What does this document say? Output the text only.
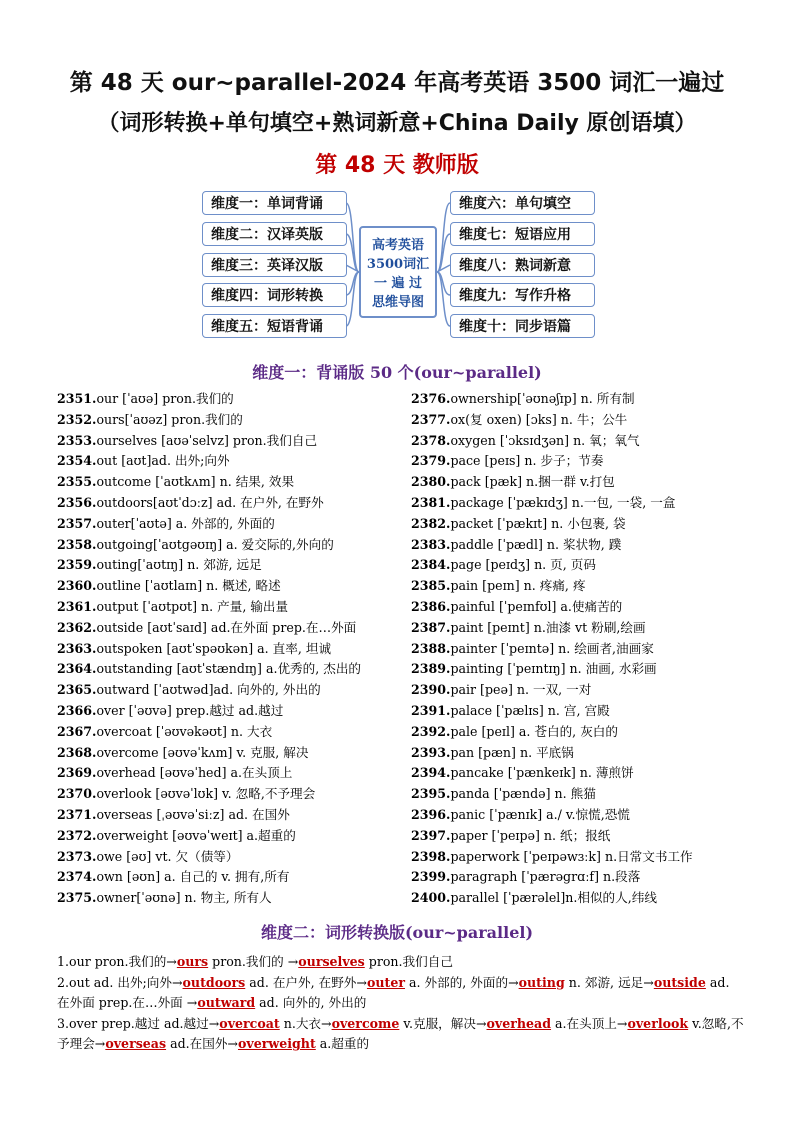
第 48 天 our~parallel-2024 年高考英语 3500 词汇一遍过
（词形转换+单句填空+熟词新意+China Daily 原创语填）
第 48 天 教师版
维度一：单词背诵
维度二：汉译英版
维度三：英译汉版
维度四：词形转换
维度五：短语背诵
高考英语
3500词汇
一 遍 过
思维导图
维度六：单句填空
维度七：短语应用
维度八：熟词新意
维度九：写作升格
维度十：同步语篇
维度一：背诵版 50 个(our~parallel)
2351.our [ˈaʊə] pron.我们的
2352.ours[ˈaʊəz] pron.我们的
2353.ourselves [aʊəˈselvz] pron.我们自己
2354.out [aʊt]ad. 出外;向外
2355.outcome [ˈaʊtkʌm] n. 结果, 效果
2356.outdoors[aʊtˈdɔːz] ad. 在户外, 在野外
2357.outer[ˈaʊtə] a. 外部的, 外面的
2358.outgoing[ˈaʊtgəʊɪŋ] a. 爱交际的,外向的
2359.outing[ˈaʊtɪŋ] n. 郊游, 远足
2360.outline [ˈaʊtlaɪn] n. 概述, 略述
2361.output [ˈaʊtpʊt] n. 产量, 输出量
2362.outside [aʊtˈsaɪd] ad.在外面 prep.在…外面
2363.outspoken [aʊtˈspəʊkən] a. 直率, 坦诚
2364.outstanding [aʊtˈstændɪŋ] a.优秀的, 杰出的
2365.outward [ˈaʊtwəd]ad. 向外的, 外出的
2366.over [ˈəʊvə] prep.越过 ad.越过
2367.overcoat [ˈəʊvəkəʊt] n. 大衣
2368.overcome [əʊvəˈkʌm] v. 克服, 解决
2369.overhead [əʊvəˈhed] a.在头顶上
2370.overlook [əʊvəˈlʊk] v. 忽略,不予理会
2371.overseas [ˌəʊvəˈsiːz] ad. 在国外
2372.overweight [əʊvəˈweɪt] a.超重的
2373.owe [əʊ] vt. 欠（债等）
2374.own [əʊn] a. 自己的 v. 拥有,所有
2375.owner[ˈəʊnə] n. 物主, 所有人
2376.ownership[ˈəʊnəʃɪp] n. 所有制
2377.ox(复 oxen) [ɔks] n. 牛；公牛
2378.oxygen [ˈɔksɪdʒən] n. 氧；氧气
2379.pace [peɪs] n. 步子；节奏
2380.pack [pæk] n.捆一群 v.打包
2381.package [ˈpækɪdʒ] n.一包, 一袋, 一盒
2382.packet [ˈpækɪt] n. 小包裹, 袋
2383.paddle [ˈpædl] n. 桨状物, 蹼
2384.page [peɪdʒ] n. 页, 页码
2385.pain [peɪn] n. 疼痛, 疼
2386.painful [ˈpeɪnfʊl] a.使痛苦的
2387.paint [peɪnt] n.油漆 vt 粉刷,绘画
2388.painter [ˈpeɪntə] n. 绘画者,油画家
2389.painting [ˈpeɪntɪŋ] n. 油画, 水彩画
2390.pair [peə] n. 一双, 一对
2391.palace [ˈpælɪs] n. 宫, 宫殿
2392.pale [peɪl] a. 苍白的, 灰白的
2393.pan [pæn] n. 平底锅
2394.pancake [ˈpænkeɪk] n. 薄煎饼
2395.panda [ˈpændə] n. 熊猫
2396.panic [ˈpænɪk] a./ v.惊慌,恐慌
2397.paper [ˈpeɪpə] n. 纸；报纸
2398.paperwork [ˈpeɪpəwɜːk] n.日常文书工作
2399.paragraph [ˈpærəgrɑːf] n.段落
2400.parallel [ˈpærəlel]n.相似的人,纬线
维度二：词形转换版(our~parallel)
1.our pron.我们的→ours pron.我们的 →ourselves pron.我们自己
2.out ad. 出外;向外→outdoors ad. 在户外, 在野外→outer a. 外部的, 外面的→outing n. 郊游, 远足→outside ad.
在外面 prep.在…外面 →outward ad. 向外的, 外出的
3.over prep.越过 ad.越过→overcoat n.大衣→overcome v.克服，解决→overhead a.在头顶上→overlook v.忽略,不
予理会→overseas ad.在国外→overweight a.超重的
